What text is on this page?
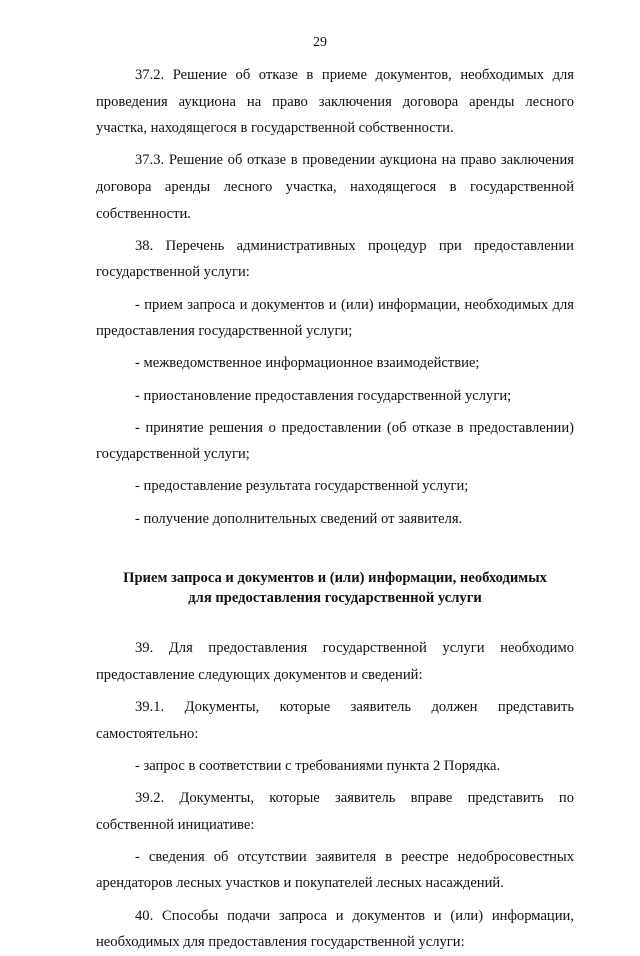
29

37.2. Решение об отказе в приеме документов, необходимых для проведения аукциона на право заключения договора аренды лесного участка, находящегося в государственной собственности.

37.3. Решение об отказе в проведении аукциона на право заключения договора аренды лесного участка, находящегося в государственной собственности.

38. Перечень административных процедур при предоставлении государственной услуги:

- прием запроса и документов и (или) информации, необходимых для предоставления государственной услуги;

- межведомственное информационное взаимодействие;

- приостановление предоставления государственной услуги;

- принятие решения о предоставлении (об отказе в предоставлении) государственной услуги;

- предоставление результата государственной услуги;

- получение дополнительных сведений от заявителя.

Прием запроса и документов и (или) информации, необходимых
для предоставления государственной услуги

39. Для предоставления государственной услуги необходимо предоставление следующих документов и сведений:

39.1. Документы, которые заявитель должен представить самостоятельно:

- запрос в соответствии с требованиями пункта 2 Порядка.

39.2. Документы, которые заявитель вправе представить по собственной инициативе:

- сведения об отсутствии заявителя в реестре недобросовестных арендаторов лесных участков и покупателей лесных насаждений.

40. Способы подачи запроса и документов и (или) информации, необходимых для предоставления государственной услуги:
